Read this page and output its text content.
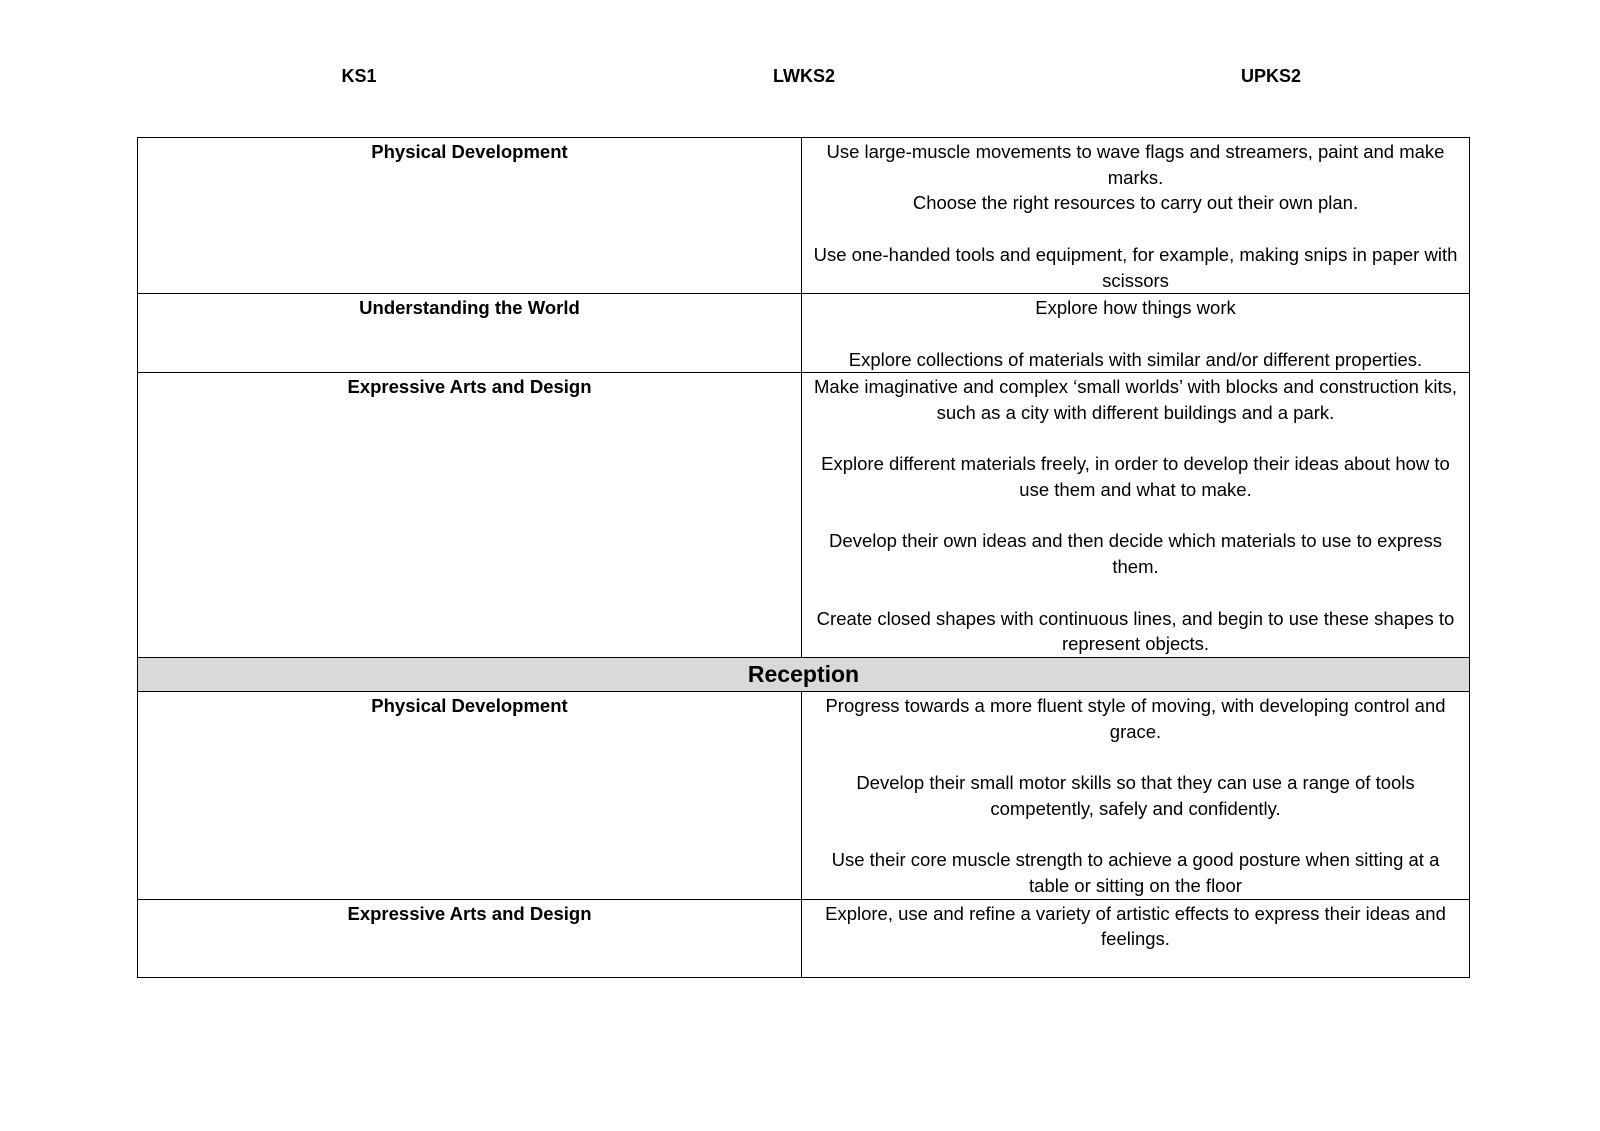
KS1	LWKS2	UPKS2
Physical Development	Use large-muscle movements to wave flags and streamers, paint and make marks.

Choose the right resources to carry out their own plan.

Use one-handed tools and equipment, for example, making snips in paper with scissors

Understanding the World	Explore how things work

Explore collections of materials with similar and/or different properties.

Expressive Arts and Design	Make imaginative and complex ‘small worlds’ with blocks and construction kits, such as a city with different buildings and a park.

Explore different materials freely, in order to develop their ideas about how to use them and what to make.

Develop their own ideas and then decide which materials to use to express them.

Create closed shapes with continuous lines, and begin to use these shapes to represent objects.

Reception	
Physical Development	Progress towards a more fluent style of moving, with developing control and grace.

Develop their small motor skills so that they can use a range of tools competently, safely and confidently.

Use their core muscle strength to achieve a good posture when sitting at a table or sitting on the floor

Expressive Arts and Design	Explore, use and refine a variety of artistic effects to express their ideas and feelings.
